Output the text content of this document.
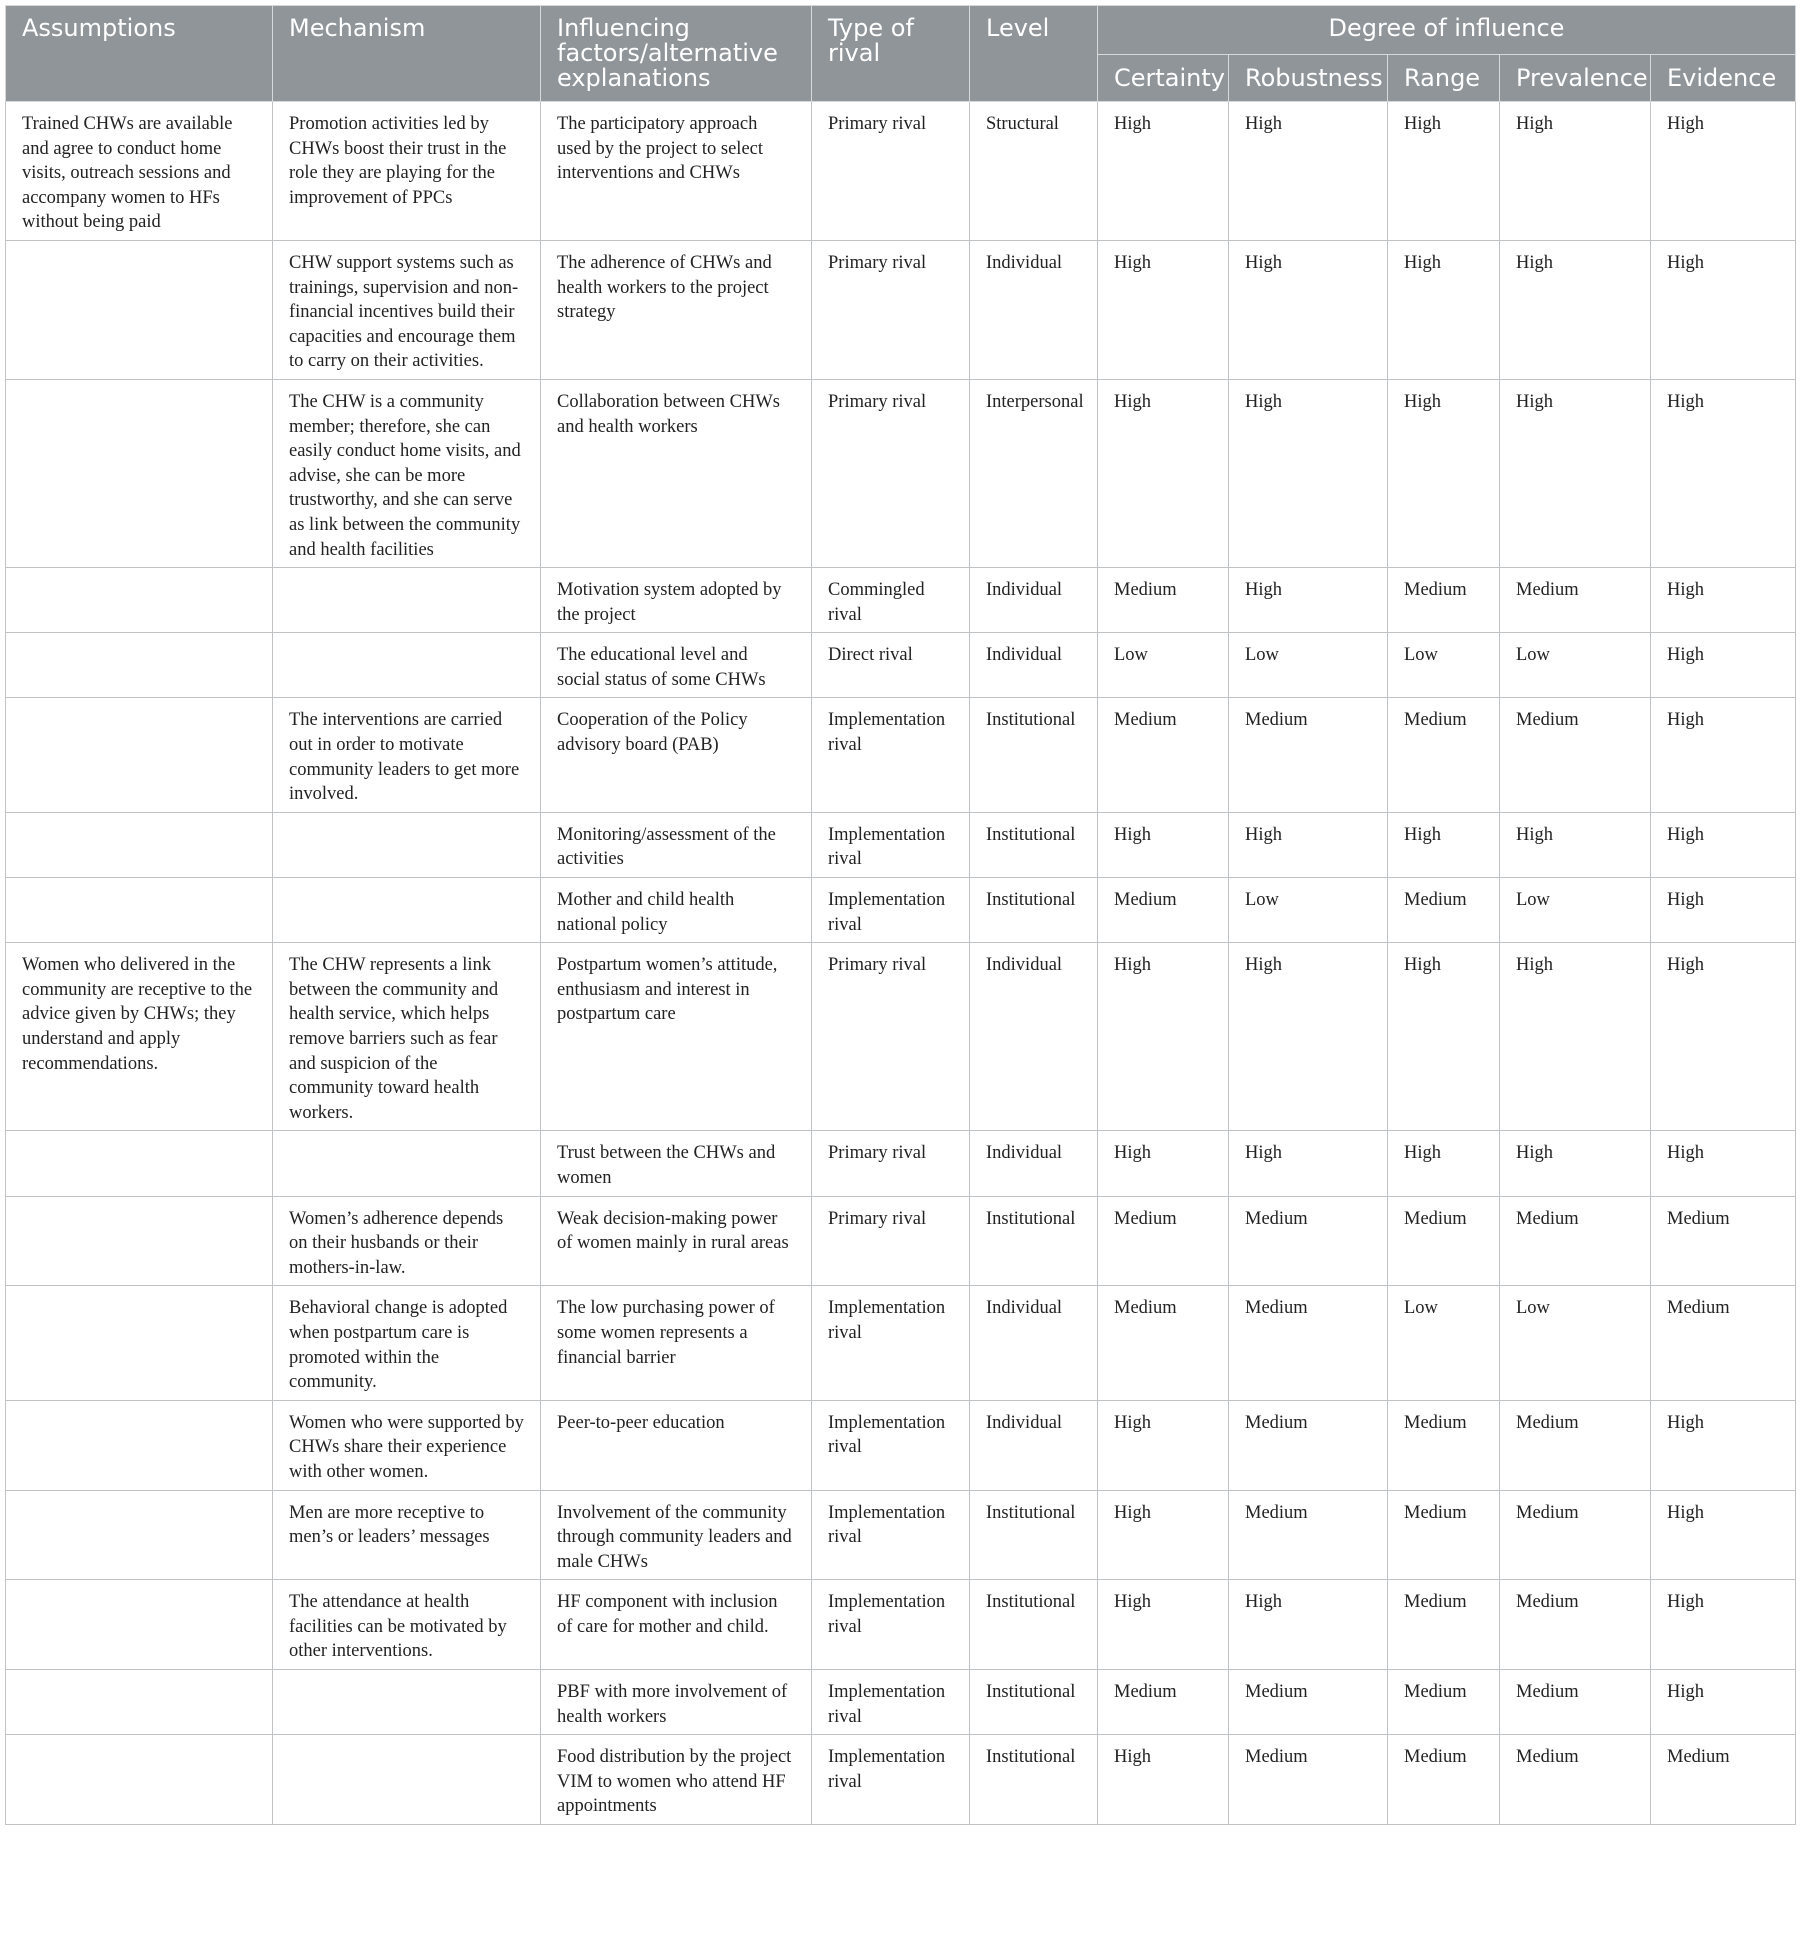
Assumptions	Mechanism	Influencing factors/alternative explanations	Type of rival	Level	Degree of influence				
					Certainty	Robustness	Range	Prevalence	Evidence
Trained CHWs are available and agree to conduct home visits, outreach sessions and accompany women to HFs without being paid	Promotion activities led by CHWs boost their trust in the role they are playing for the improvement of PPCs	The participatory approach used by the project to select interventions and CHWs	Primary rival	Structural	High	High	High	High	High
	CHW support systems such as trainings, supervision and non-financial incentives build their capacities and encourage them to carry on their activities.	The adherence of CHWs and health workers to the project strategy	Primary rival	Individual	High	High	High	High	High
	The CHW is a community member; therefore, she can easily conduct home visits, and advise, she can be more trustworthy, and she can serve as link between the community and health facilities	Collaboration between CHWs and health workers	Primary rival	Interpersonal	High	High	High	High	High
		Motivation system adopted by the project	Commingled rival	Individual	Medium	High	Medium	Medium	High
		The educational level and social status of some CHWs	Direct rival	Individual	Low	Low	Low	Low	High
	The interventions are carried out in order to motivate community leaders to get more involved.	Cooperation of the Policy advisory board (PAB)	Implementation rival	Institutional	Medium	Medium	Medium	Medium	High
		Monitoring/assessment of the activities	Implementation rival	Institutional	High	High	High	High	High
		Mother and child health national policy	Implementation rival	Institutional	Medium	Low	Medium	Low	High
Women who delivered in the community are receptive to the advice given by CHWs; they understand and apply recommendations.	The CHW represents a link between the community and health service, which helps remove barriers such as fear and suspicion of the community toward health workers.	Postpartum women’s attitude, enthusiasm and interest in postpartum care	Primary rival	Individual	High	High	High	High	High
		Trust between the CHWs and women	Primary rival	Individual	High	High	High	High	High
	Women’s adherence depends on their husbands or their mothers-in-law.	Weak decision-making power of women mainly in rural areas	Primary rival	Institutional	Medium	Medium	Medium	Medium	Medium
	Behavioral change is adopted when postpartum care is promoted within the community.	The low purchasing power of some women represents a financial barrier	Implementation rival	Individual	Medium	Medium	Low	Low	Medium
	Women who were supported by CHWs share their experience with other women.	Peer-to-peer education	Implementation rival	Individual	High	Medium	Medium	Medium	High
	Men are more receptive to men’s or leaders’ messages	Involvement of the community through community leaders and male CHWs	Implementation rival	Institutional	High	Medium	Medium	Medium	High
	The attendance at health facilities can be motivated by other interventions.	HF component with inclusion of care for mother and child.	Implementation rival	Institutional	High	High	Medium	Medium	High
		PBF with more involvement of health workers	Implementation rival	Institutional	Medium	Medium	Medium	Medium	High
		Food distribution by the project VIM to women who attend HF appointments	Implementation rival	Institutional	High	Medium	Medium	Medium	Medium
